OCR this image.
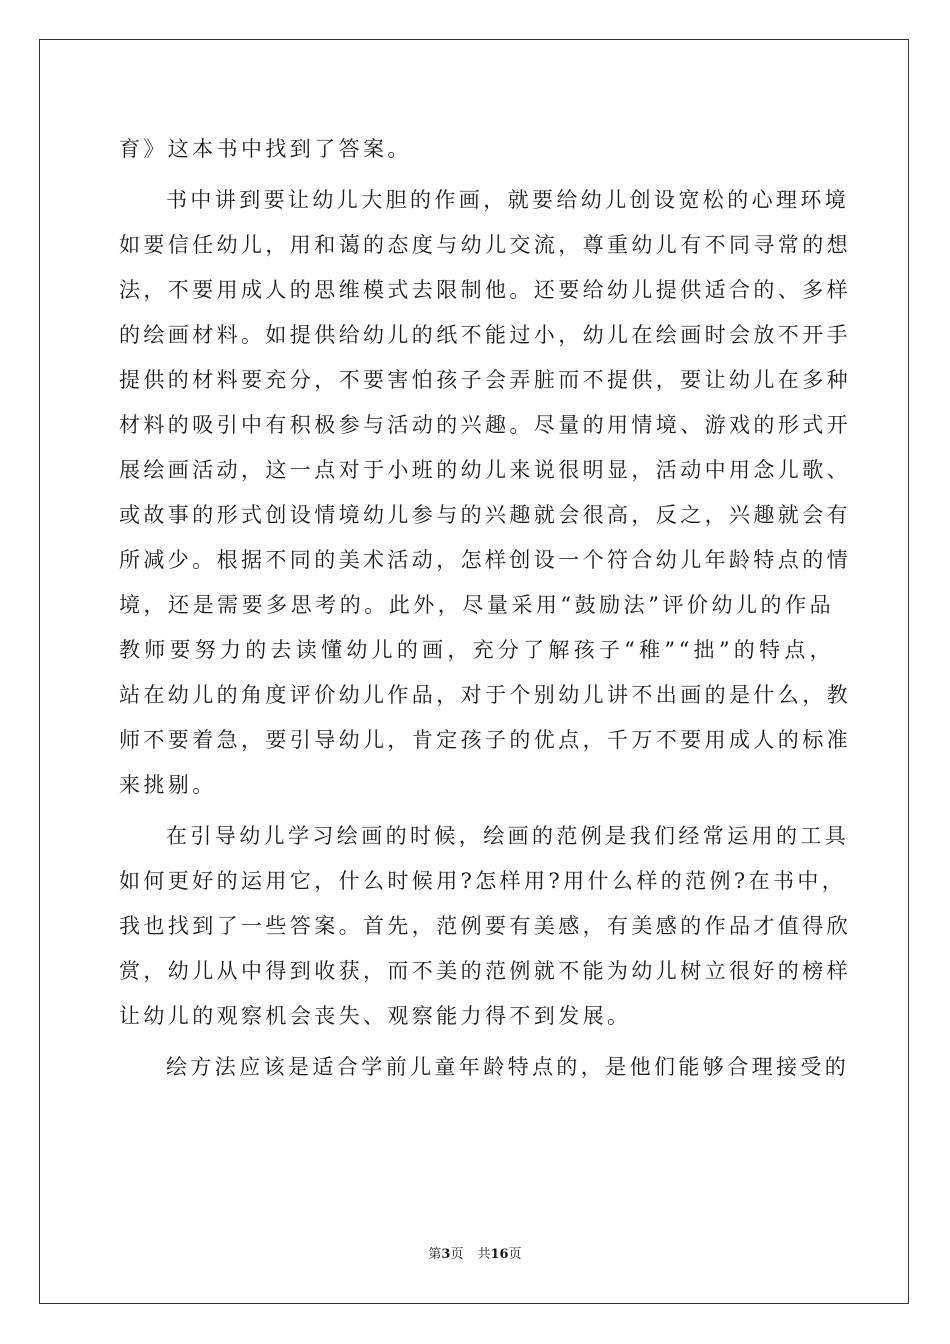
育》这本书中找到了答案。
书中讲到要让幼儿大胆的作画，就要给幼儿创设宽松的心理环境
如要信任幼儿，用和蔼的态度与幼儿交流，尊重幼儿有不同寻常的想
法，不要用成人的思维模式去限制他。还要给幼儿提供适合的、多样
的绘画材料。如提供给幼儿的纸不能过小，幼儿在绘画时会放不开手
提供的材料要充分，不要害怕孩子会弄脏而不提供，要让幼儿在多种
材料的吸引中有积极参与活动的兴趣。尽量的用情境、游戏的形式开
展绘画活动，这一点对于小班的幼儿来说很明显，活动中用念儿歌、
或故事的形式创设情境幼儿参与的兴趣就会很高，反之，兴趣就会有
所减少。根据不同的美术活动，怎样创设一个符合幼儿年龄特点的情
境，还是需要多思考的。此外，尽量采用“鼓励法”评价幼儿的作品
教师要努力的去读懂幼儿的画，充分了解孩子“稚”“拙”的特点，
站在幼儿的角度评价幼儿作品，对于个别幼儿讲不出画的是什么，教
师不要着急，要引导幼儿，肯定孩子的优点，千万不要用成人的标准
来挑剔。
在引导幼儿学习绘画的时候，绘画的范例是我们经常运用的工具
如何更好的运用它，什么时候用?怎样用?用什么样的范例?在书中，
我也找到了一些答案。首先，范例要有美感，有美感的作品才值得欣
赏，幼儿从中得到收获，而不美的范例就不能为幼儿树立很好的榜样
让幼儿的观察机会丧失、观察能力得不到发展。
绘方法应该是适合学前儿童年龄特点的，是他们能够合理接受的
第3页 共16页
